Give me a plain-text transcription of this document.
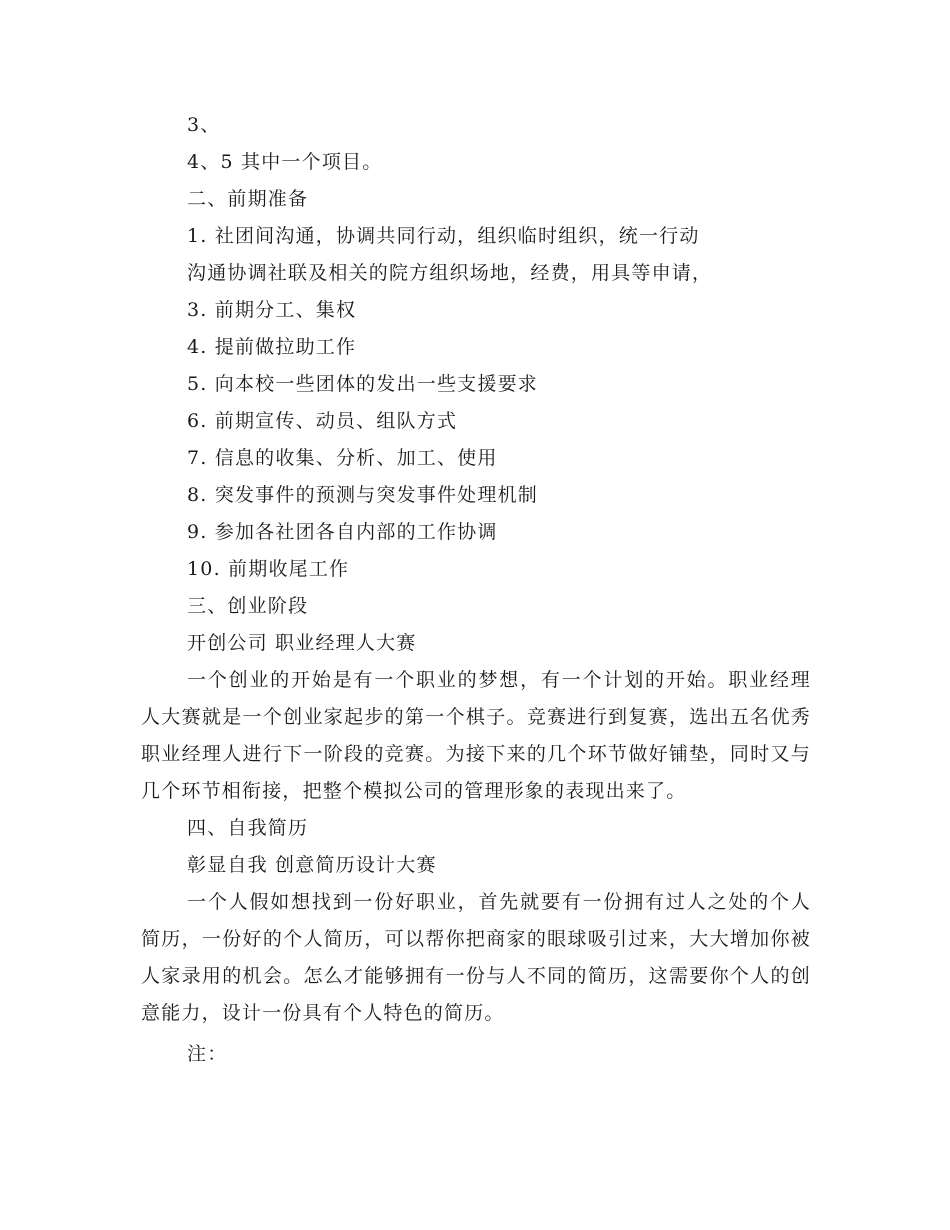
3、
4、5 其中一个项目。
二、前期准备
1. 社团间沟通，协调共同行动，组织临时组织，统一行动
沟通协调社联及相关的院方组织场地，经费，用具等申请，
3. 前期分工、集权
4. 提前做拉助工作
5. 向本校一些团体的发出一些支援要求
6. 前期宣传、动员、组队方式
7. 信息的收集、分析、加工、使用
8. 突发事件的预测与突发事件处理机制
9. 参加各社团各自内部的工作协调
10. 前期收尾工作
三、创业阶段
开创公司 职业经理人大赛

一个创业的开始是有一个职业的梦想，有一个计划的开始。职业经理人大赛就是一个创业家起步的第一个棋子。竞赛进行到复赛，选出五名优秀职业经理人进行下一阶段的竞赛。为接下来的几个环节做好铺垫，同时又与几个环节相衔接，把整个模拟公司的管理形象的表现出来了。

四、自我简历
彰显自我 创意简历设计大赛

一个人假如想找到一份好职业，首先就要有一份拥有过人之处的个人简历，一份好的个人简历，可以帮你把商家的眼球吸引过来，大大增加你被人家录用的机会。怎么才能够拥有一份与人不同的简历，这需要你个人的创意能力，设计一份具有个人特色的简历。

注：
